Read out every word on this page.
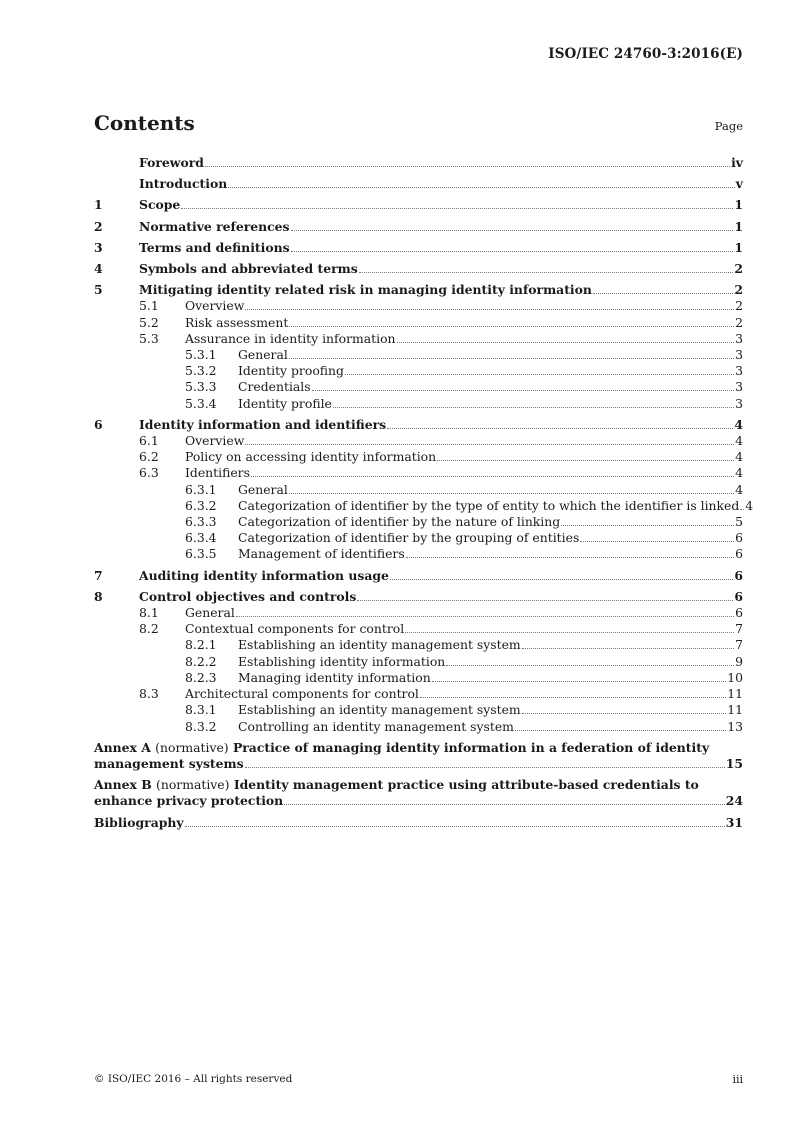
ISO/IEC 24760-3:2016(E)
Contents	Page
Foreword	iv
Introduction	v
1	Scope	1
2	Normative references	1
3	Terms and definitions	1
4	Symbols and abbreviated terms	2
5	Mitigating identity related risk in managing identity information	2
5.1	Overview	2
5.2	Risk assessment	2
5.3	Assurance in identity information	3
5.3.1	General	3
5.3.2	Identity proofing	3
5.3.3	Credentials	3
5.3.4	Identity profile	3
6	Identity information and identifiers	4
6.1	Overview	4
6.2	Policy on accessing identity information	4
6.3	Identifiers	4
6.3.1	General	4
6.3.2	Categorization of identifier by the type of entity to which the identifier is linked 4
6.3.3	Categorization of identifier by the nature of linking	5
6.3.4	Categorization of identifier by the grouping of entities	6
6.3.5	Management of identifiers	6
7	Auditing identity information usage	6
8	Control objectives and controls	6
8.1	General	6
8.2	Contextual components for control	7
8.2.1	Establishing an identity management system	7
8.2.2	Establishing identity information	9
8.2.3	Managing identity information	10
8.3	Architectural components for control	11
8.3.1	Establishing an identity management system	11
8.3.2	Controlling an identity management system	13
Annex A (normative) Practice of managing identity information in a federation of identity
management systems	15
Annex B (normative) Identity management practice using attribute-based credentials to
enhance privacy protection	24
Bibliography	31
© ISO/IEC 2016 – All rights reserved	iii
